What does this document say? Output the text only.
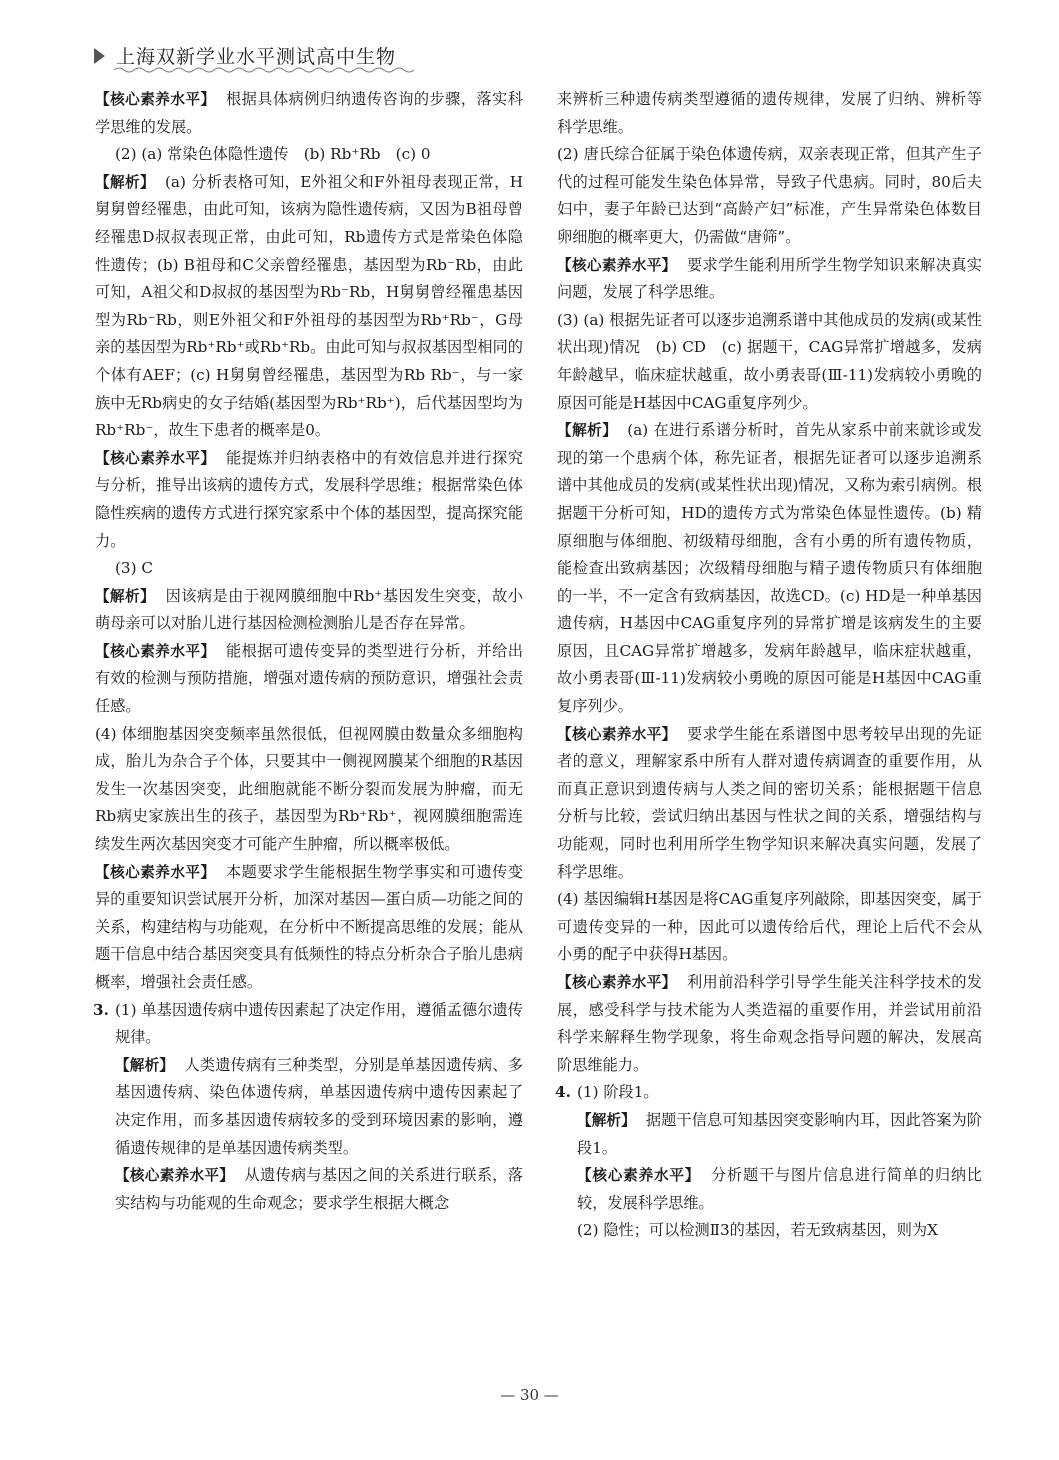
上海双新学业水平测试高中生物

【核心素养水平】 根据具体病例归纳遗传咨询的步骤，落实科学思维的发展。

(2) (a) 常染色体隐性遗传　(b) Rb⁺Rb　(c) 0

【解析】 (a) 分析表格可知，E外祖父和F外祖母表现正常，H舅舅曾经罹患，由此可知，该病为隐性遗传病，又因为B祖母曾经罹患D叔叔表现正常，由此可知，Rb遗传方式是常染色体隐性遗传；(b) B祖母和C父亲曾经罹患，基因型为Rb⁻Rb，由此可知，A祖父和D叔叔的基因型为Rb⁻Rb，H舅舅曾经罹患基因型为Rb⁻Rb，则E外祖父和F外祖母的基因型为Rb⁺Rb⁻，G母亲的基因型为Rb⁺Rb⁺或Rb⁺Rb。由此可知与叔叔基因型相同的个体有AEF；(c) H舅舅曾经罹患，基因型为Rb Rb⁻，与一家族中无Rb病史的女子结婚(基因型为Rb⁺Rb⁺)，后代基因型均为Rb⁺Rb⁻，故生下患者的概率是0。

【核心素养水平】 能提炼并归纳表格中的有效信息并进行探究与分析，推导出该病的遗传方式，发展科学思维；根据常染色体隐性疾病的遗传方式进行探究家系中个体的基因型，提高探究能力。

(3) C

【解析】 因该病是由于视网膜细胞中Rb⁺基因发生突变，故小萌母亲可以对胎儿进行基因检测检测胎儿是否存在异常。

【核心素养水平】 能根据可遗传变异的类型进行分析，并给出有效的检测与预防措施，增强对遗传病的预防意识，增强社会责任感。

(4) 体细胞基因突变频率虽然很低，但视网膜由数量众多细胞构成，胎儿为杂合子个体，只要其中一侧视网膜某个细胞的R基因发生一次基因突变，此细胞就能不断分裂而发展为肿瘤，而无Rb病史家族出生的孩子，基因型为Rb⁺Rb⁺，视网膜细胞需连续发生两次基因突变才可能产生肿瘤，所以概率极低。

【核心素养水平】 本题要求学生能根据生物学事实和可遗传变异的重要知识尝试展开分析，加深对基因—蛋白质—功能之间的关系，构建结构与功能观，在分析中不断提高思维的发展；能从题干信息中结合基因突变具有低频性的特点分析杂合子胎儿患病概率，增强社会责任感。

3. (1) 单基因遗传病中遗传因素起了决定作用，遵循孟德尔遗传规律。

【解析】 人类遗传病有三种类型，分别是单基因遗传病、多基因遗传病、染色体遗传病，单基因遗传病中遗传因素起了决定作用，而多基因遗传病较多的受到环境因素的影响，遵循遗传规律的是单基因遗传病类型。

【核心素养水平】 从遗传病与基因之间的关系进行联系，落实结构与功能观的生命观念；要求学生根据大概念

来辨析三种遗传病类型遵循的遗传规律，发展了归纳、辨析等科学思维。

(2) 唐氏综合征属于染色体遗传病，双亲表现正常，但其产生子代的过程可能发生染色体异常，导致子代患病。同时，80后夫妇中，妻子年龄已达到“高龄产妇”标准，产生异常染色体数目卵细胞的概率更大，仍需做“唐筛”。

【核心素养水平】 要求学生能利用所学生物学知识来解决真实问题，发展了科学思维。

(3) (a) 根据先证者可以逐步追溯系谱中其他成员的发病(或某性状出现)情况　(b) CD　(c) 据题干，CAG异常扩增越多，发病年龄越早，临床症状越重，故小勇表哥(Ⅲ-11)发病较小勇晚的原因可能是H基因中CAG重复序列少。

【解析】 (a) 在进行系谱分析时，首先从家系中前来就诊或发现的第一个患病个体，称先证者，根据先证者可以逐步追溯系谱中其他成员的发病(或某性状出现)情况，又称为索引病例。根据题干分析可知，HD的遗传方式为常染色体显性遗传。(b) 精原细胞与体细胞、初级精母细胞，含有小勇的所有遗传物质，能检查出致病基因；次级精母细胞与精子遗传物质只有体细胞的一半，不一定含有致病基因，故选CD。(c) HD是一种单基因遗传病，H基因中CAG重复序列的异常扩增是该病发生的主要原因，且CAG异常扩增越多，发病年龄越早，临床症状越重，故小勇表哥(Ⅲ-11)发病较小勇晚的原因可能是H基因中CAG重复序列少。

【核心素养水平】 要求学生能在系谱图中思考较早出现的先证者的意义，理解家系中所有人群对遗传病调查的重要作用，从而真正意识到遗传病与人类之间的密切关系；能根据题干信息分析与比较，尝试归纳出基因与性状之间的关系，增强结构与功能观，同时也利用所学生物学知识来解决真实问题，发展了科学思维。

(4) 基因编辑H基因是将CAG重复序列敲除，即基因突变，属于可遗传变异的一种，因此可以遗传给后代，理论上后代不会从小勇的配子中获得H基因。

【核心素养水平】 利用前沿科学引导学生能关注科学技术的发展，感受科学与技术能为人类造福的重要作用，并尝试用前沿科学来解释生物学现象，将生命观念指导问题的解决，发展高阶思维能力。

4. (1) 阶段1。

【解析】 据题干信息可知基因突变影响内耳，因此答案为阶段1。

【核心素养水平】 分析题干与图片信息进行简单的归纳比较，发展科学思维。

(2) 隐性；可以检测Ⅱ3的基因，若无致病基因，则为X

— 30 —
